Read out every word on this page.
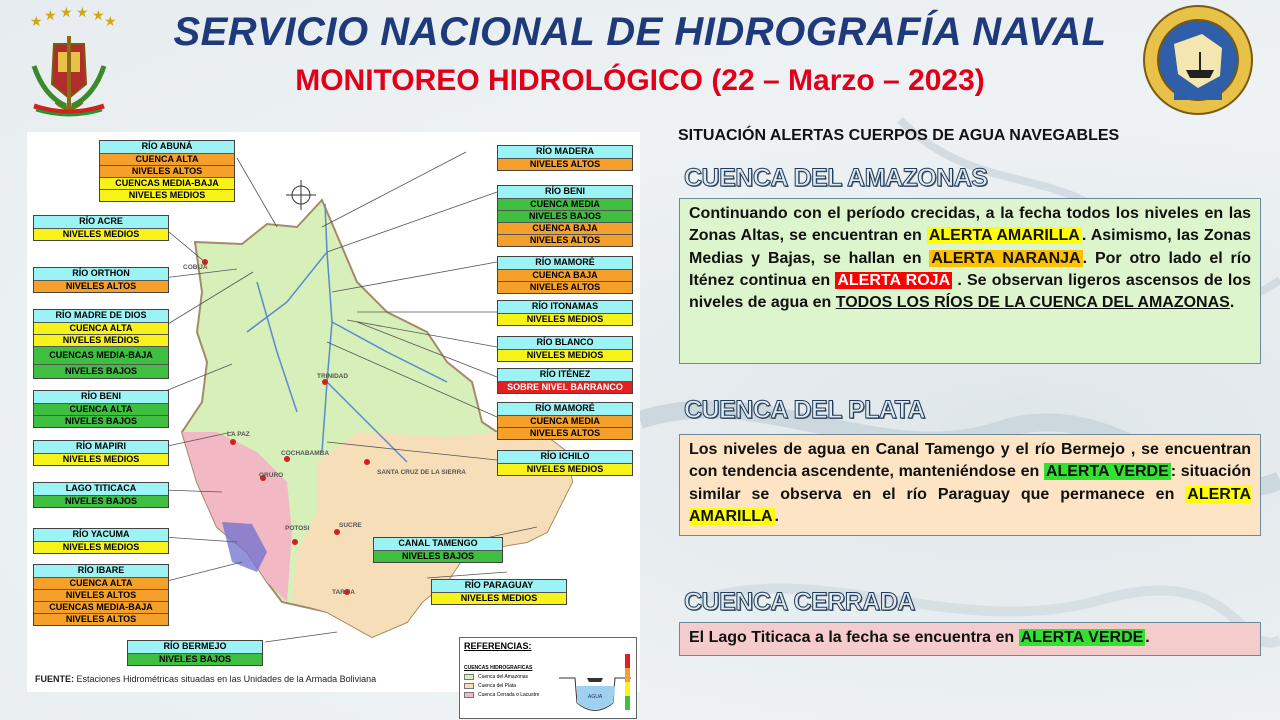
★ ★ ★ ★ ★ ★	SERVICIO NACIONAL DE HIDROGRAFÍA NAVAL
MONITOREO HIDROLÓGICO (22 – Marzo – 2023)
COBIJA
TRINIDAD
LA PAZ
COCHABAMBA
ORURO
SUCRE
POTOSI
TARIJA
SANTA CRUZ DE LA SIERRA
RÍO ABUNÁ
CUENCA ALTA
NIVELES ALTOS
CUENCAS MEDIA-BAJA
NIVELES MEDIOS
RÍO ACRE
NIVELES MEDIOS
RÍO ORTHON
NIVELES ALTOS
RÍO MADRE DE DIOS
CUENCA ALTA
NIVELES MEDIOS
CUENCAS MEDIA-BAJA
NIVELES BAJOS
RÍO BENI
CUENCA ALTA
NIVELES BAJOS
RÍO MAPIRI
NIVELES MEDIOS
LAGO TITICACA
NIVELES BAJOS
RÍO YACUMA
NIVELES MEDIOS
RÍO IBARE
CUENCA ALTA
NIVELES ALTOS
CUENCAS MEDIA-BAJA
NIVELES ALTOS
RÍO BERMEJO
NIVELES BAJOS
RÍO MADERA
NIVELES ALTOS
RÍO BENI
CUENCA MEDIA
NIVELES BAJOS
CUENCA BAJA
NIVELES ALTOS
RÍO MAMORÉ
CUENCA BAJA
NIVELES ALTOS
RÍO ITONAMAS
NIVELES MEDIOS
RÍO BLANCO
NIVELES MEDIOS
RÍO ITÉNEZ
SOBRE NIVEL BARRANCO
RÍO MAMORÉ
CUENCA MEDIA
NIVELES ALTOS
RÍO ICHILO
NIVELES MEDIOS
CANAL TAMENGO
NIVELES BAJOS
RÍO PARAGUAY
NIVELES MEDIOS
REFERENCIAS:
CUENCAS HIDROGRAFICAS
Cuenca del Amazonas
Cuenca del Plata
Cuenca Cerrada o Lacustre	AGUA
FUENTE: Estaciones Hidrométricas situadas en las Unidades de la Armada Boliviana
SITUACIÓN ALERTAS CUERPOS DE AGUA NAVEGABLES
CUENCA DEL AMAZONAS
Continuando con el período crecidas, a la fecha todos los niveles en las Zonas Altas, se encuentran en ALERTA AMARILLA . Asimismo, las Zonas Medias y Bajas, se hallan en ALERTA NARANJA . Por otro lado el río Iténez continua en ALERTA ROJA . Se observan ligeros ascensos de los niveles de agua en TODOS LOS RÍOS DE LA CUENCA DEL AMAZONAS.
CUENCA DEL PLATA
Los niveles de agua en Canal Tamengo y el río Bermejo , se encuentran con tendencia ascendente, manteniéndose en ALERTA VERDE : situación similar se observa en el río Paraguay que permanece en ALERTA AMARILLA .
CUENCA CERRADA
El Lago Titicaca a la fecha se encuentra en ALERTA VERDE .
